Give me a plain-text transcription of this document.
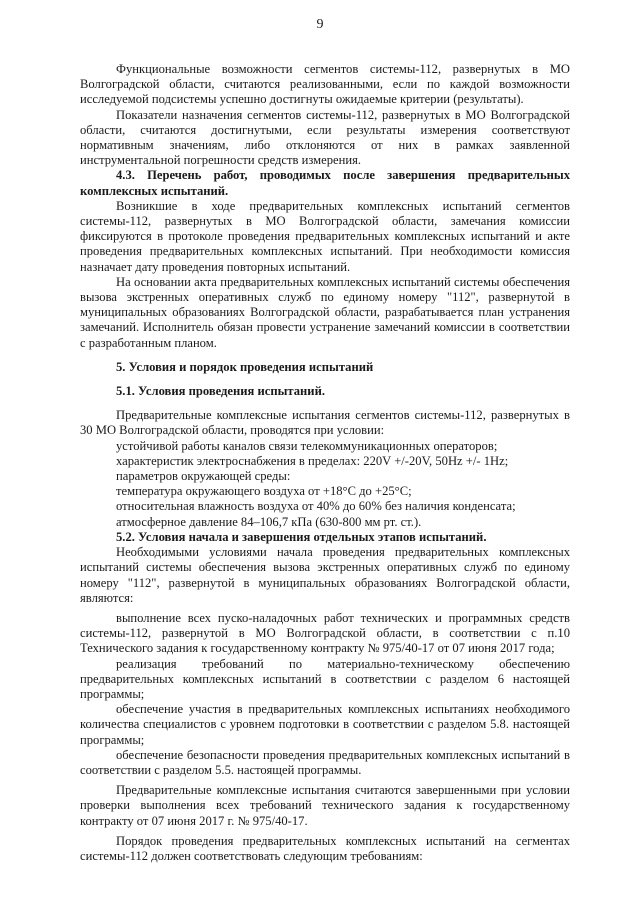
9
Функциональные возможности сегментов системы-112, развернутых в МО Волгоградской области, считаются реализованными, если по каждой возможности исследуемой подсистемы успешно достигнуты ожидаемые критерии (результаты).
Показатели назначения сегментов системы-112, развернутых в МО Волгоградской области, считаются достигнутыми, если результаты измерения соответствуют нормативным значениям, либо отклоняются от них в рамках заявленной инструментальной погрешности средств измерения.
4.3. Перечень работ, проводимых после завершения предварительных комплексных испытаний.
Возникшие в ходе предварительных комплексных испытаний сегментов системы-112, развернутых в МО Волгоградской области, замечания комиссии фиксируются в протоколе проведения предварительных комплексных испытаний и акте проведения предварительных комплексных испытаний. При необходимости комиссия назначает дату проведения повторных испытаний.
На основании акта предварительных комплексных испытаний системы обеспечения вызова экстренных оперативных служб по единому номеру "112", развернутой в муниципальных образованиях Волгоградской области, разрабатывается план устранения замечаний. Исполнитель обязан провести устранение замечаний комиссии в соответствии с разработанным планом.
5. Условия и порядок проведения испытаний
5.1. Условия проведения испытаний.
Предварительные комплексные испытания сегментов системы-112, развернутых в 30 МО Волгоградской области, проводятся при условии:
устойчивой работы каналов связи телекоммуникационных операторов;
характеристик электроснабжения в пределах: 220V +/-20V, 50Hz +/- 1Hz;
параметров окружающей среды:
температура окружающего воздуха от +18°С до +25°С;
относительная влажность воздуха от 40% до 60% без наличия конденсата;
атмосферное давление 84–106,7 кПа (630-800 мм рт. ст.).
5.2. Условия начала и завершения отдельных этапов испытаний.
Необходимыми условиями начала проведения предварительных комплексных испытаний системы обеспечения вызова экстренных оперативных служб по единому номеру "112", развернутой в муниципальных образованиях Волгоградской области, являются:
выполнение всех пуско-наладочных работ технических и программных средств системы-112, развернутой в МО Волгоградской области, в соответствии с п.10 Технического задания к государственному контракту № 975/40-17 от 07 июня 2017 года;
реализация требований по материально-техническому обеспечению предварительных комплексных испытаний в соответствии с разделом 6 настоящей программы;
обеспечение участия в предварительных комплексных испытаниях необходимого количества специалистов с уровнем подготовки в соответствии с разделом 5.8. настоящей программы;
обеспечение безопасности проведения предварительных комплексных испытаний в соответствии с разделом 5.5. настоящей программы.
Предварительные комплексные испытания считаются завершенными при условии проверки выполнения всех требований технического задания к государственному контракту от 07 июня 2017 г. № 975/40-17.
Порядок проведения предварительных комплексных испытаний на сегментах системы-112 должен соответствовать следующим требованиям:
